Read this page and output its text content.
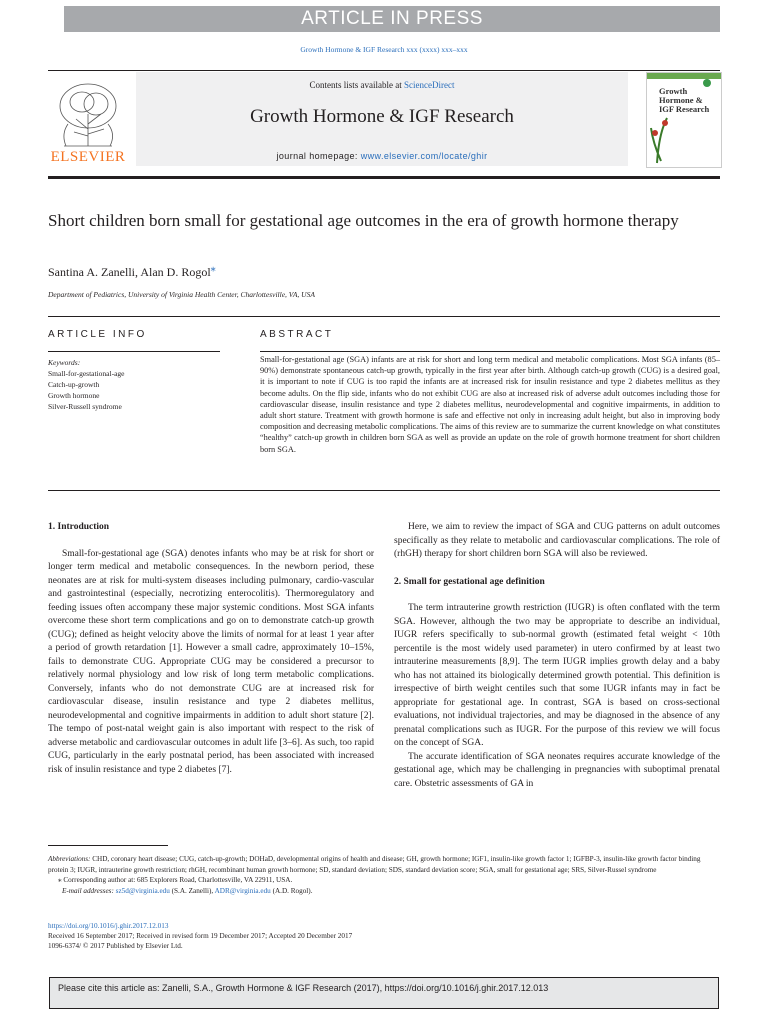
ARTICLE IN PRESS
Growth Hormone & IGF Research xxx (xxxx) xxx–xxx
ELSEVIER
Contents lists available at ScienceDirect
Growth Hormone & IGF Research
journal homepage: www.elsevier.com/locate/ghir
Growth Hormone & IGF Research
Short children born small for gestational age outcomes in the era of growth hormone therapy
Santina A. Zanelli, Alan D. Rogol⁎
Department of Pediatrics, University of Virginia Health Center, Charlottesville, VA, USA
ARTICLE INFO	ABSTRACT
Keywords:
Small-for-gestational-age
Catch-up-growth
Growth hormone
Silver-Russell syndrome
Small-for-gestational age (SGA) infants are at risk for short and long term medical and metabolic complications. Most SGA infants (85–90%) demonstrate spontaneous catch-up growth, typically in the first year after birth. Although catch-up growth (CUG) is a desired goal, it is important to note if CUG is too rapid the infants are at increased risk for insulin resistance and type 2 diabetes mellitus as they become adults. On the flip side, infants who do not exhibit CUG are also at increased risk of adverse adult outcomes including those for cardiovascular disease, insulin resistance and type 2 diabetes mellitus, neurodevelopmental and cognitive impairments, in addition to adult short stature. Treatment with growth hormone is safe and effective not only in increasing adult height, but also in improving body composition and decreasing metabolic complications. The aims of this review are to summarize the current knowledge on what constitutes “healthy” catch-up growth in children born SGA as well as provide an update on the role of growth hormone treatment for short children born SGA.
1. Introduction

Small-for-gestational age (SGA) denotes infants who may be at risk for short or longer term medical and metabolic consequences. In the newborn period, these neonates are at risk for multi-system diseases including pulmonary, cardio-vascular and gastrointestinal (especially, necrotizing enterocolitis). Thermoregulatory and feeding issues often accompany these major systemic conditions. Most SGA infants overcome these short term complications and go on to demonstrate catch-up growth (CUG); defined as height velocity above the limits of normal for at least 1 year after a period of growth retardation [1]. However a small cadre, approximately 10–15%, fails to demonstrate CUG. Appropriate CUG may be considered a precursor to relatively normal physiology and low risk of long term metabolic complications. Conversely, infants who do not demonstrate CUG are at increased risk for cardiovascular disease, insulin resistance and type 2 diabetes mellitus, neurodevelopmental and cognitive impairments in addition to adult short stature [2]. The tempo of post-natal weight gain is also important with respect to the risk of adverse metabolic and cardiovascular outcomes in adult life [3–6]. As such, too rapid CUG, particularly in the early postnatal period, has been associated with increased risk of insulin resistance and type 2 diabetes [7].

Here, we aim to review the impact of SGA and CUG patterns on adult outcomes specifically as they relate to metabolic and cardiovascular complications. The role of (rhGH) therapy for short children born SGA will also be reviewed.

2. Small for gestational age definition

The term intrauterine growth restriction (IUGR) is often conflated with the term SGA. However, although the two may be appropriate to describe an individual, IUGR refers specifically to sub-normal growth (estimated fetal weight < 10th percentile is the most widely used parameter) in utero confirmed by at least two intrauterine measurements [8,9]. The term IUGR implies growth delay and a baby who has not attained its biologically determined growth potential. This definition is irrespective of birth weight centiles such that some IUGR infants may in fact be appropriate for gestational age. In contrast, SGA is based on cross-sectional evaluations, not individual trajectories, and may be diagnosed in the absence of any prenatal complications such as IUGR. For the purpose of this review we will focus on the concept of SGA.

The accurate identification of SGA neonates requires accurate knowledge of the gestational age, which may be challenging in pregnancies with suboptimal prenatal care. Obstetric assessments of GA in

Abbreviations: CHD, coronary heart disease; CUG, catch-up-growth; DOHaD, developmental origins of health and disease; GH, growth hormone; IGF1, insulin-like growth factor 1; IGFBP-3, insulin-like growth factor binding protein 3; IUGR, intrauterine growth restriction; rhGH, recombinant human growth hormone; SD, standard deviation; SDS, standard deviation score; SGA, small for gestational age; SRS, Silver-Russel syndrome
⁎ Corresponding author at: 685 Explorers Road, Charlottesville, VA 22911, USA.
E-mail addresses: sz5d@virginia.edu (S.A. Zanelli), ADR@virginia.edu (A.D. Rogol).
https://doi.org/10.1016/j.ghir.2017.12.013
Received 16 September 2017; Received in revised form 19 December 2017; Accepted 20 December 2017
1096-6374/ © 2017 Published by Elsevier Ltd.
Please cite this article as: Zanelli, S.A., Growth Hormone & IGF Research (2017), https://doi.org/10.1016/j.ghir.2017.12.013
